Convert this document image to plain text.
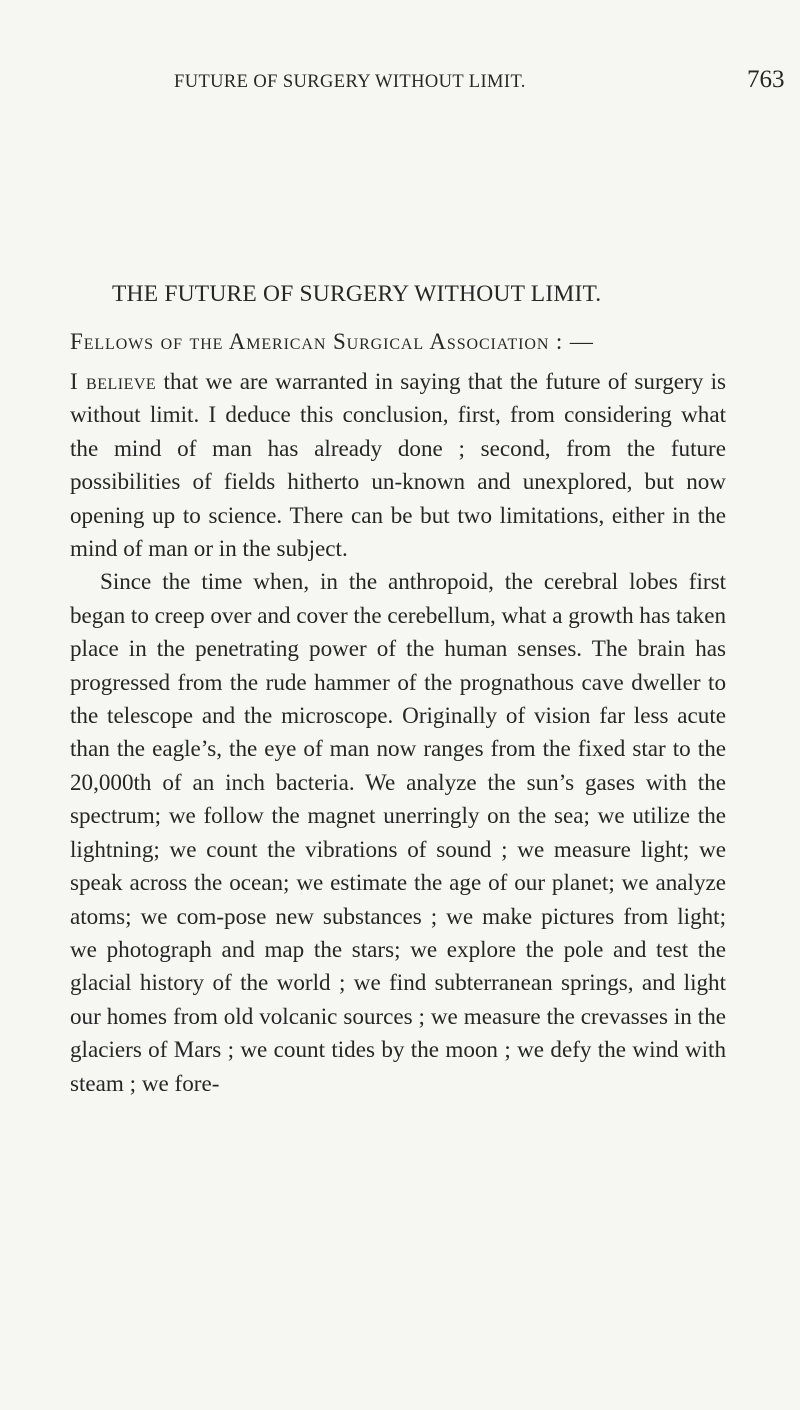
FUTURE OF SURGERY WITHOUT LIMIT.	763
THE FUTURE OF SURGERY WITHOUT LIMIT.
Fellows of the American Surgical Association : —

I believe that we are warranted in saying that the future of surgery is without limit. I deduce this conclusion, first, from considering what the mind of man has already done ; second, from the future possibilities of fields hitherto un-known and unexplored, but now opening up to science. There can be but two limitations, either in the mind of man or in the subject.

Since the time when, in the anthropoid, the cerebral lobes first began to creep over and cover the cerebellum, what a growth has taken place in the penetrating power of the human senses. The brain has progressed from the rude hammer of the prognathous cave dweller to the telescope and the microscope. Originally of vision far less acute than the eagle’s, the eye of man now ranges from the fixed star to the 20,000th of an inch bacteria. We analyze the sun’s gases with the spectrum; we follow the magnet unerringly on the sea; we utilize the lightning; we count the vibrations of sound ; we measure light; we speak across the ocean; we estimate the age of our planet; we analyze atoms; we com-pose new substances ; we make pictures from light; we photograph and map the stars; we explore the pole and test the glacial history of the world ; we find subterranean springs, and light our homes from old volcanic sources ; we measure the crevasses in the glaciers of Mars ; we count tides by the moon ; we defy the wind with steam ; we fore-
